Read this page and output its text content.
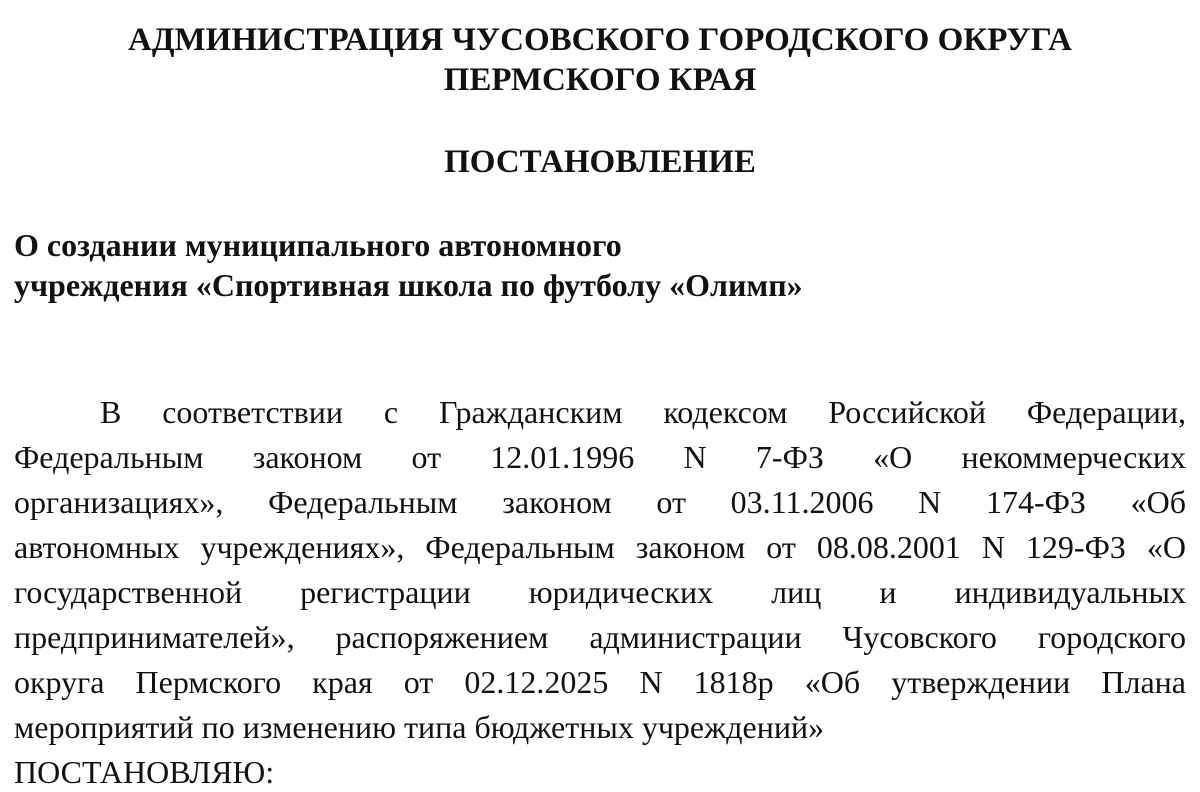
АДМИНИСТРАЦИЯ ЧУСОВСКОГО ГОРОДСКОГО ОКРУГА
ПЕРМСКОГО КРАЯ
ПОСТАНОВЛЕНИЕ
О создании муниципального автономного
учреждения «Спортивная школа по футболу «Олимп»
В соответствии с Гражданским кодексом Российской Федерации,
Федеральным законом от 12.01.1996 N 7-ФЗ «О некоммерческих
организациях», Федеральным законом от 03.11.2006 N 174-ФЗ «Об
автономных учреждениях», Федеральным законом от 08.08.2001 N 129-ФЗ «О
государственной регистрации юридических лиц и индивидуальных
предпринимателей», распоряжением администрации Чусовского городского
округа Пермского края от 02.12.2025 N 1818р «Об утверждении Плана
мероприятий по изменению типа бюджетных учреждений»
ПОСТАНОВЛЯЮ:
